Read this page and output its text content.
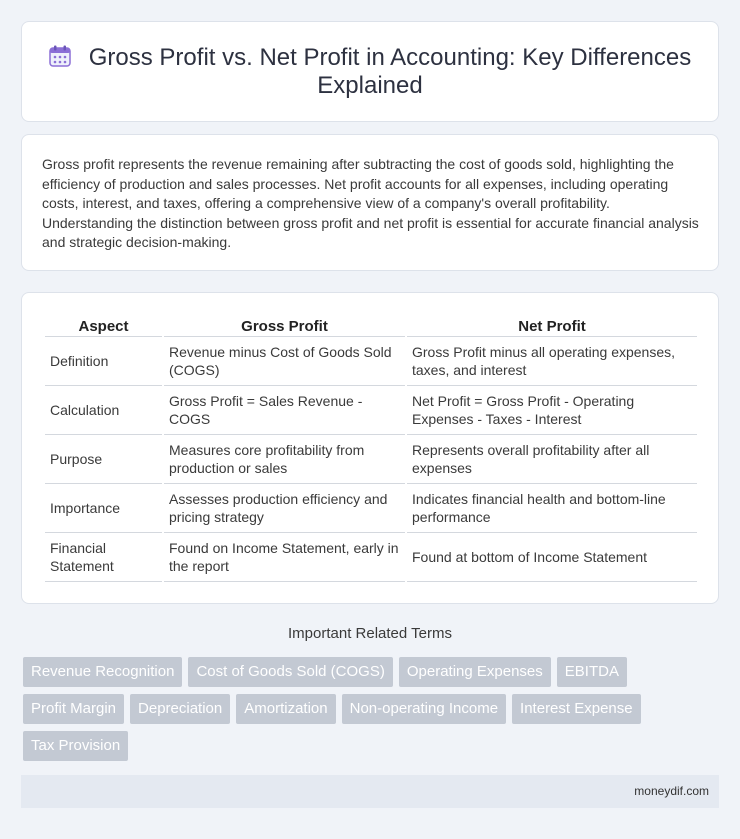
Gross Profit vs. Net Profit in Accounting: Key Differences Explained

Gross profit represents the revenue remaining after subtracting the cost of goods sold, highlighting the efficiency of production and sales processes. Net profit accounts for all expenses, including operating costs, interest, and taxes, offering a comprehensive view of a company's overall profitability. Understanding the distinction between gross profit and net profit is essential for accurate financial analysis and strategic decision-making.

Aspect	Gross Profit	Net Profit
Definition	Revenue minus Cost of Goods Sold (COGS)	Gross Profit minus all operating expenses, taxes, and interest
Calculation	Gross Profit = Sales Revenue - COGS	Net Profit = Gross Profit - Operating Expenses - Taxes - Interest
Purpose	Measures core profitability from production or sales	Represents overall profitability after all expenses
Importance	Assesses production efficiency and pricing strategy	Indicates financial health and bottom-line performance
Financial Statement	Found on Income Statement, early in the report	Found at bottom of Income Statement
Important Related Terms
Revenue Recognition	Cost of Goods Sold (COGS)	Operating Expenses	EBITDA
Profit Margin	Depreciation	Amortization	Non-operating Income	Interest Expense
Tax Provision
moneydif.com
